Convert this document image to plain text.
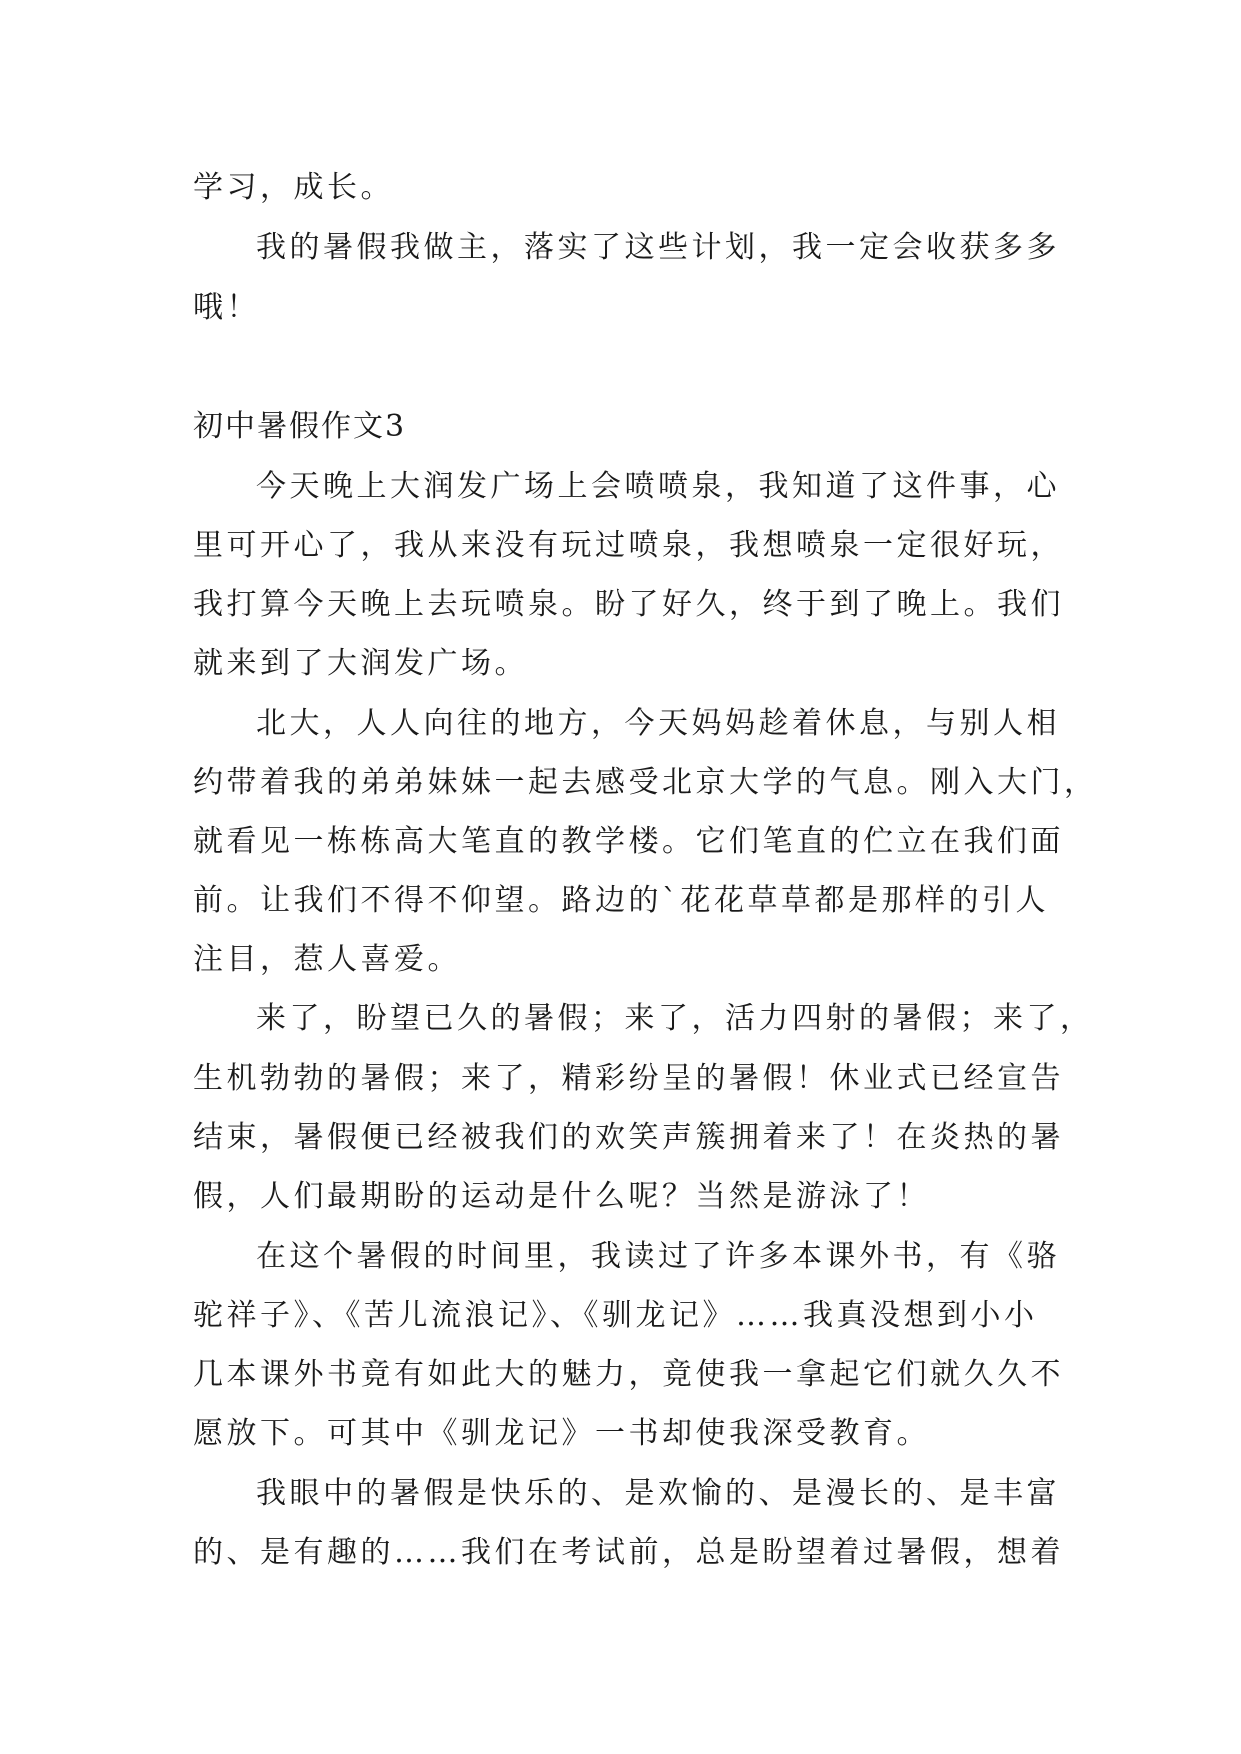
学习，成长。

我的暑假我做主，落实了这些计划，我一定会收获多多

哦！

初中暑假作文3

今天晚上大润发广场上会喷喷泉，我知道了这件事，心

里可开心了，我从来没有玩过喷泉，我想喷泉一定很好玩，

我打算今天晚上去玩喷泉。盼了好久，终于到了晚上。我们

就来到了大润发广场。

北大，人人向往的地方，今天妈妈趁着休息，与别人相

约带着我的弟弟妹妹一起去感受北京大学的气息。刚入大门，

就看见一栋栋高大笔直的教学楼。它们笔直的伫立在我们面

前。让我们不得不仰望。路边的`花花草草都是那样的引人

注目，惹人喜爱。

来了，盼望已久的暑假；来了，活力四射的暑假；来了，

生机勃勃的暑假；来了，精彩纷呈的暑假！休业式已经宣告

结束，暑假便已经被我们的欢笑声簇拥着来了！在炎热的暑

假，人们最期盼的运动是什么呢？当然是游泳了！

在这个暑假的时间里，我读过了许多本课外书，有《骆

驼祥子》、《苦儿流浪记》、《驯龙记》……我真没想到小小

几本课外书竟有如此大的魅力，竟使我一拿起它们就久久不

愿放下。可其中《驯龙记》一书却使我深受教育。

我眼中的暑假是快乐的、是欢愉的、是漫长的、是丰富

的、是有趣的……我们在考试前，总是盼望着过暑假，想着
